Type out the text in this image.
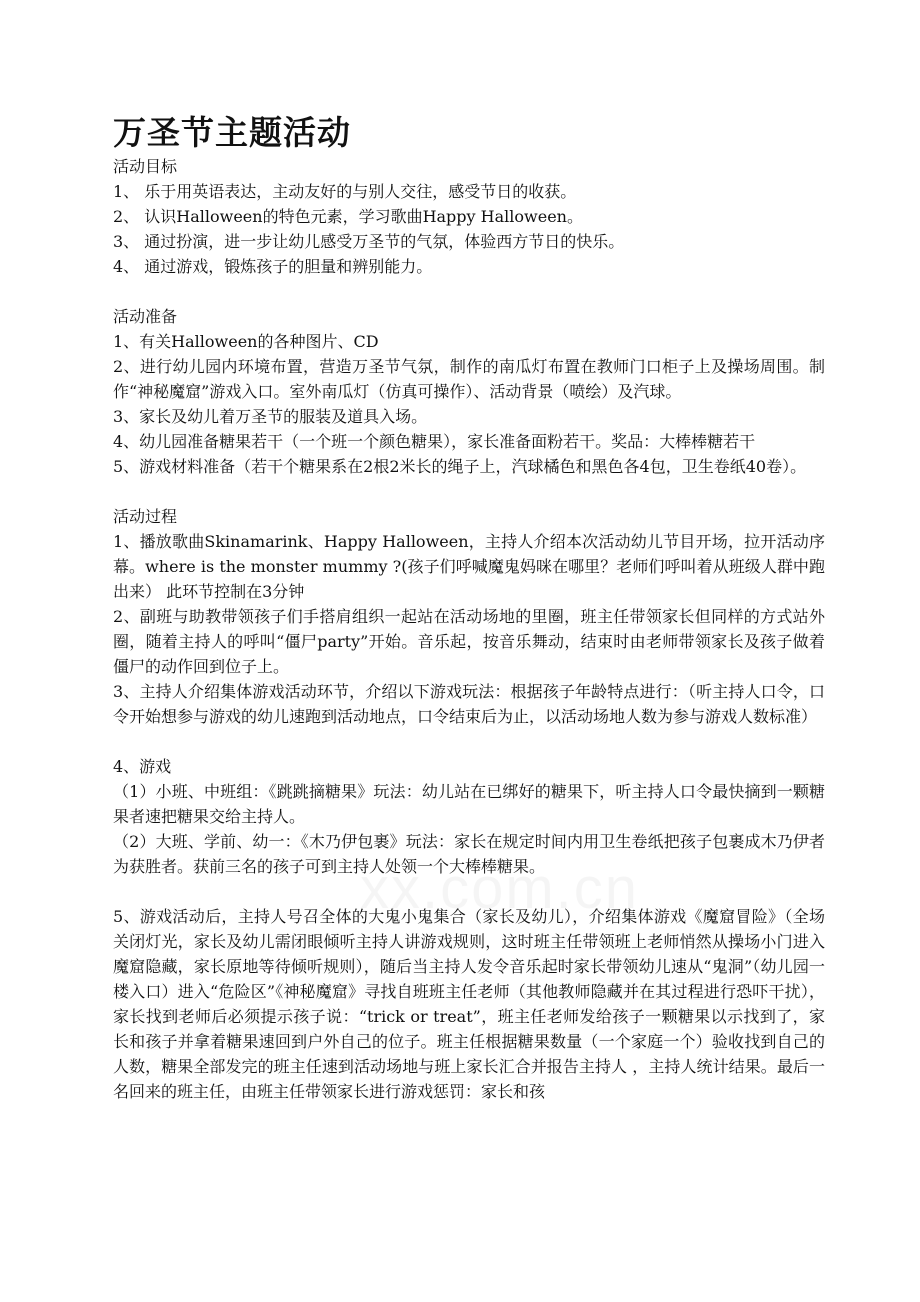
万圣节主题活动
活动目标
1、 乐于用英语表达，主动友好的与别人交往，感受节日的收获。
2、 认识Halloween的特色元素，学习歌曲Happy Halloween。
3、 通过扮演，进一步让幼儿感受万圣节的气氛，体验西方节日的快乐。
4、 通过游戏，锻炼孩子的胆量和辨别能力。
活动准备
1、有关Halloween的各种图片、CD
2、进行幼儿园内环境布置，营造万圣节气氛，制作的南瓜灯布置在教师门口柜子上及操场周围。制作“神秘魔窟”游戏入口。室外南瓜灯（仿真可操作）、活动背景（喷绘）及汽球。
3、家长及幼儿着万圣节的服装及道具入场。
4、幼儿园准备糖果若干（一个班一个颜色糖果），家长准备面粉若干。奖品：大棒棒糖若干
5、游戏材料准备（若干个糖果系在2根2米长的绳子上，汽球橘色和黑色各4包，卫生卷纸40卷）。
活动过程
1、播放歌曲Skinamarink、Happy Halloween，主持人介绍本次活动幼儿节目开场，拉开活动序幕。where is the monster mummy ?(孩子们呼喊魔鬼妈咪在哪里？老师们呼叫着从班级人群中跑出来） 此环节控制在3分钟
2、副班与助教带领孩子们手搭肩组织一起站在活动场地的里圈，班主任带领家长但同样的方式站外圈，随着主持人的呼叫“僵尸party”开始。音乐起，按音乐舞动，结束时由老师带领家长及孩子做着僵尸的动作回到位子上。
3、主持人介绍集体游戏活动环节，介绍以下游戏玩法：根据孩子年龄特点进行：（听主持人口令，口令开始想参与游戏的幼儿速跑到活动地点，口令结束后为止，以活动场地人数为参与游戏人数标准）
4、游戏
（1）小班、中班组：《跳跳摘糖果》玩法：幼儿站在已绑好的糖果下，听主持人口令最快摘到一颗糖果者速把糖果交给主持人。
（2）大班、学前、幼一：《木乃伊包裹》玩法：家长在规定时间内用卫生卷纸把孩子包裹成木乃伊者为获胜者。获前三名的孩子可到主持人处领一个大棒棒糖果。
5、游戏活动后，主持人号召全体的大鬼小鬼集合（家长及幼儿），介绍集体游戏《魔窟冒险》（全场关闭灯光，家长及幼儿需闭眼倾听主持人讲游戏规则，这时班主任带领班上老师悄然从操场小门进入魔窟隐藏，家长原地等待倾听规则），随后当主持人发令音乐起时家长带领幼儿速从“鬼洞”（幼儿园一楼入口）进入“危险区”《神秘魔窟》寻找自班班主任老师（其他教师隐藏并在其过程进行恐吓干扰），家长找到老师后必须提示孩子说：“trick or treat”，班主任老师发给孩子一颗糖果以示找到了，家长和孩子并拿着糖果速回到户外自己的位子。班主任根据糖果数量（一个家庭一个）验收找到自己的人数，糖果全部发完的班主任速到活动场地与班上家长汇合并报告主持人 ，主持人统计结果。最后一名回来的班主任，由班主任带领家长进行游戏惩罚：家长和孩
